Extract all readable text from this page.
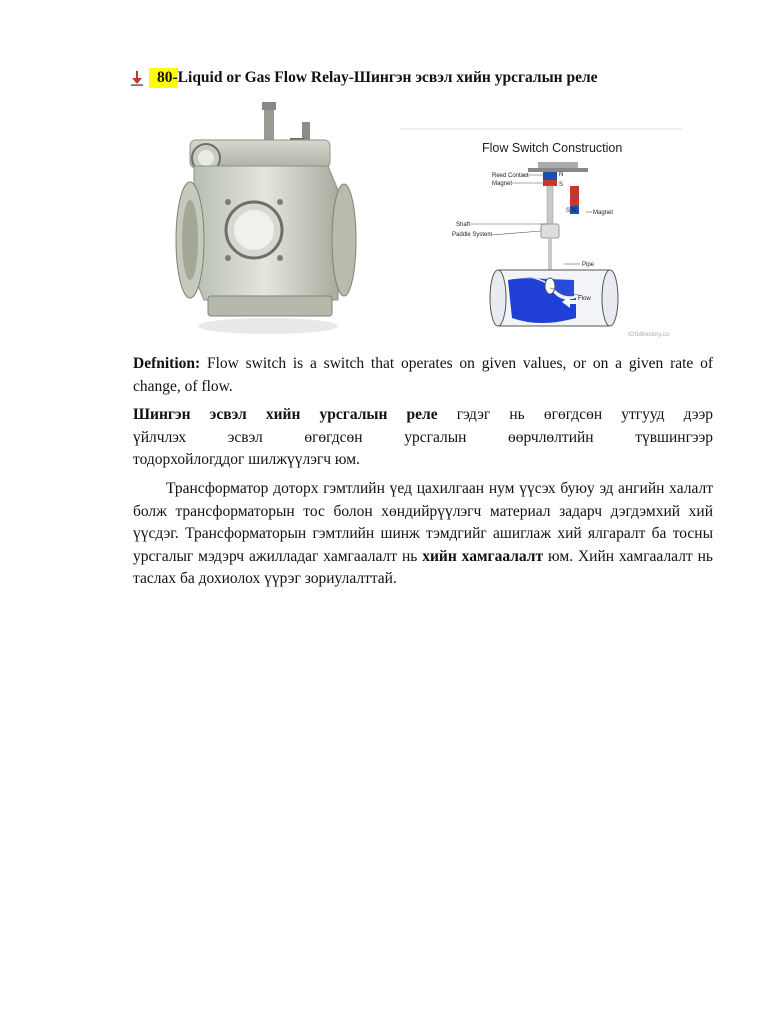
80- Liquid or Gas Flow Relay-Шингэн эсвэл хийн урсгалын реле
Flow Switch Construction
Reed Contact
Magnet
N
S
S N	Magnet
Shaft
Paddle System
Pipe
Flow
IOSdirectory.co

Defnition: Flow switch is a switch that operates on given values, or on a given rate of change, of flow.

Шингэн эсвэл хийн урсгалын реле гэдэг нь өгөгдсөн утгууд дээр
үйлчлэх эсвэл өгөгдсөн урсгалын өөрчлөлтийн түвшингээр
тодорхойлогддог шилжүүлэгч юм.

Трансформатор доторх гэмтлийн үед цахилгаан нум үүсэх буюу эд ангийн халалт болж трансформаторын тос болон хөндийрүүлэгч материал задарч дэгдэмхий хий үүсдэг. Трансформаторын гэмтлийн шинж тэмдгийг ашиглаж хий ялгаралт ба тосны урсгалыг мэдэрч ажилладаг хамгаалалт нь хийн хамгаалалт юм. Хийн хамгаалалт нь таслах ба дохиолох үүрэг зориулалттай.
